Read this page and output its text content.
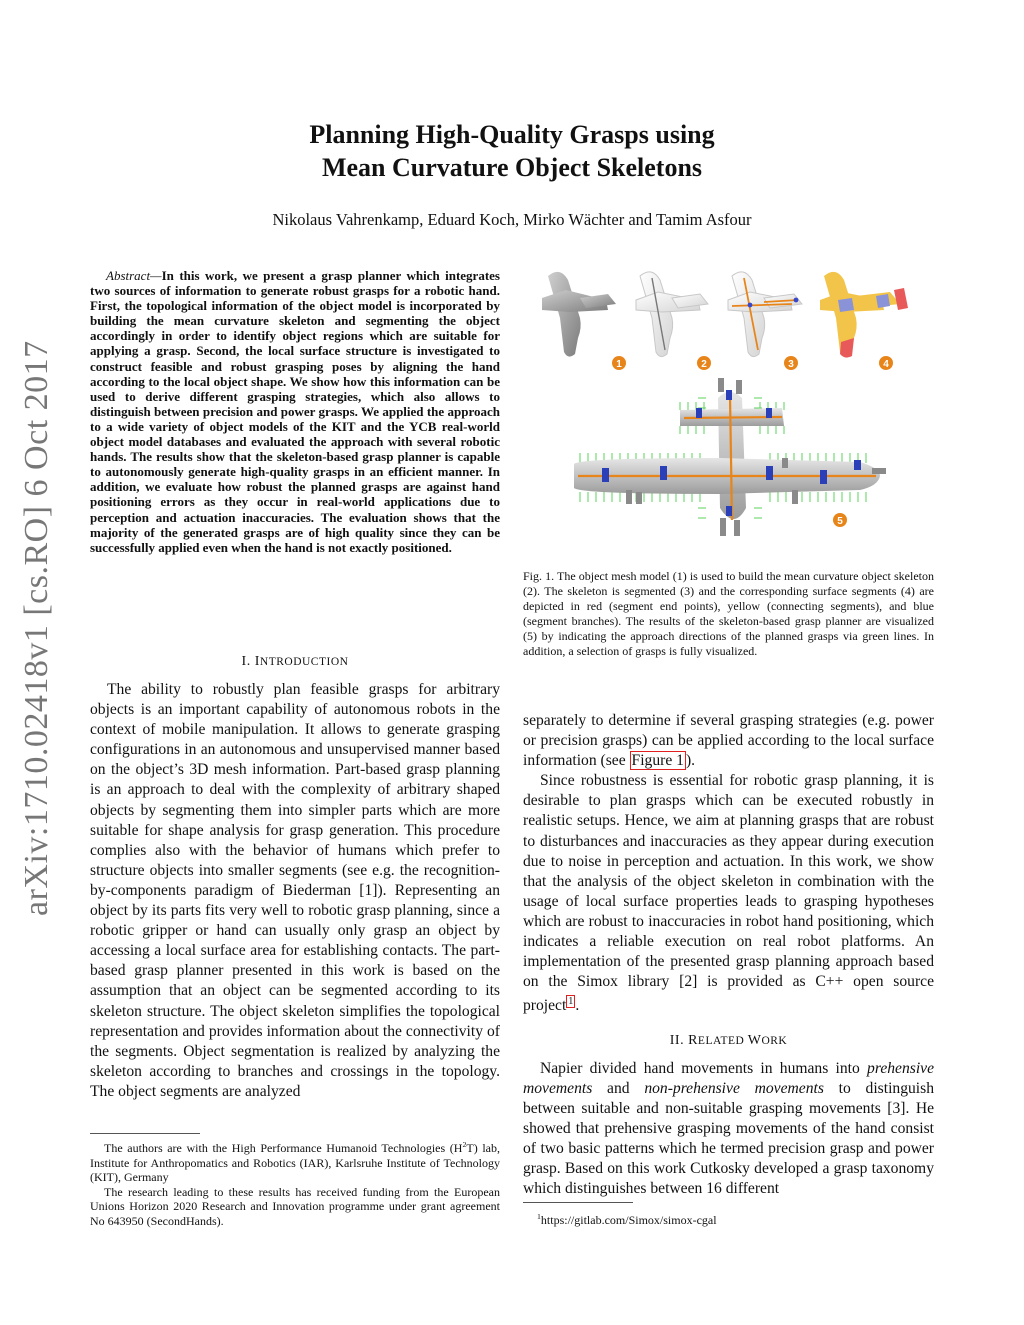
arXiv:1710.02418v1 [cs.RO] 6 Oct 2017
Planning High-Quality Grasps using
Mean Curvature Object Skeletons
Nikolaus Vahrenkamp, Eduard Koch, Mirko Wächter and Tamim Asfour
Abstract—In this work, we present a grasp planner which integrates two sources of information to generate robust grasps for a robotic hand. First, the topological information of the object model is incorporated by building the mean curvature skeleton and segmenting the object accordingly in order to identify object regions which are suitable for applying a grasp. Second, the local surface structure is investigated to construct feasible and robust grasping poses by aligning the hand according to the local object shape. We show how this information can be used to derive different grasping strategies, which also allows to distinguish between precision and power grasps. We applied the approach to a wide variety of object models of the KIT and the YCB real-world object model databases and evaluated the approach with several robotic hands. The results show that the skeleton-based grasp planner is capable to autonomously generate high-quality grasps in an efficient manner. In addition, we evaluate how robust the planned grasps are against hand positioning errors as they occur in real-world applications due to perception and actuation inaccuracies. The evaluation shows that the majority of the generated grasps are of high quality since they can be successfully applied even when the hand is not exactly positioned.
I. INTRODUCTION

The ability to robustly plan feasible grasps for arbitrary objects is an important capability of autonomous robots in the context of mobile manipulation. It allows to generate grasping configurations in an autonomous and unsupervised manner based on the object’s 3D mesh information. Part-based grasp planning is an approach to deal with the complexity of arbitrary shaped objects by segmenting them into simpler parts which are more suitable for shape analysis for grasp generation. This procedure complies also with the behavior of humans which prefer to structure objects into smaller segments (see e.g. the recognition-by-components paradigm of Biederman [1]). Representing an object by its parts fits very well to robotic grasp planning, since a robotic gripper or hand can usually only grasp an object by accessing a local surface area for establishing contacts. The part-based grasp planner presented in this work is based on the assumption that an object can be segmented according to its skeleton structure. The object skeleton simplifies the topological representation and provides information about the connectivity of the segments. Object segmentation is realized by analyzing the skeleton according to branches and crossings in the topology. The object segments are analyzed

The authors are with the High Performance Humanoid Technologies $(H^2T)$ lab, Institute for Anthropomatics and Robotics (IAR), Karlsruhe Institute of Technology (KIT), Germany

The research leading to these results has received funding from the European Unions Horizon 2020 Research and Innovation programme under grant agreement No 643950 (SecondHands).

1	2	3	4
5
Fig. 1. The object mesh model (1) is used to build the mean curvature object skeleton (2). The skeleton is segmented (3) and the corresponding surface segments (4) are depicted in red (segment end points), yellow (connecting segments), and blue (segment branches). The results of the skeleton-based grasp planner are visualized (5) by indicating the approach directions of the planned grasps via green lines. In addition, a selection of grasps is fully visualized.

separately to determine if several grasping strategies (e.g. power or precision grasps) can be applied according to the local surface information (see Figure 1 ).

Since robustness is essential for robotic grasp planning, it is desirable to plan grasps which can be executed robustly in realistic setups. Hence, we aim at planning grasps that are robust to disturbances and inaccuracies as they appear during execution due to noise in perception and actuation. In this work, we show that the analysis of the object skeleton in combination with the usage of local surface properties leads to grasping hypotheses which are robust to inaccuracies in robot hand positioning, which indicates a reliable execution on real robot platforms. An implementation of the presented grasp planning approach based on the Simox library [2] is provided as C++ open source project $^1$ .

II. RELATED WORK

Napier divided hand movements in humans into prehensive movements and non-prehensive movements to distinguish between suitable and non-suitable grasping movements [3]. He showed that prehensive grasping movements of the hand consist of two basic patterns which he termed precision grasp and power grasp. Based on this work Cutkosky developed a grasp taxonomy which distinguishes between 16 different

$^1$https://gitlab.com/Simox/simox-cgal
